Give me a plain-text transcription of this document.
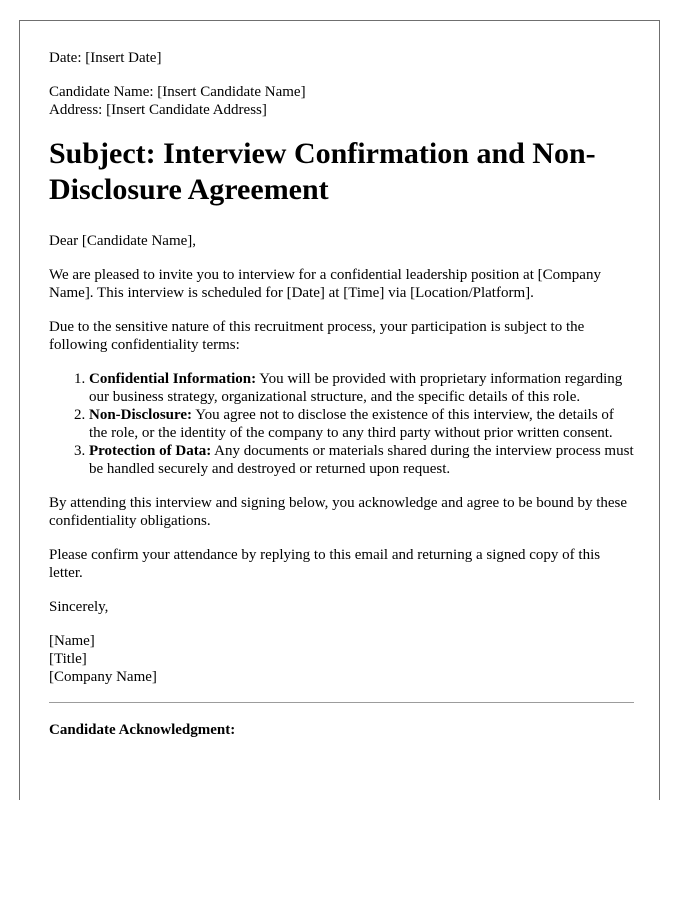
Date: [Insert Date]

Candidate Name: [Insert Candidate Name]

Address: [Insert Candidate Address]

Subject: Interview Confirmation and Non-Disclosure Agreement

Dear [Candidate Name],

We are pleased to invite you to interview for a confidential leadership position at [Company Name]. This interview is scheduled for [Date] at [Time] via [Location/Platform].

Due to the sensitive nature of this recruitment process, your participation is subject to the following confidentiality terms:

1. Confidential Information: You will be provided with proprietary information regarding our business strategy, organizational structure, and the specific details of this role.
2. Non-Disclosure: You agree not to disclose the existence of this interview, the details of the role, or the identity of the company to any third party without prior written consent.
3. Protection of Data: Any documents or materials shared during the interview process must be handled securely and destroyed or returned upon request.

By attending this interview and signing below, you acknowledge and agree to be bound by these confidentiality obligations.

Please confirm your attendance by replying to this email and returning a signed copy of this letter.

Sincerely,

[Name]

[Title]

[Company Name]

Candidate Acknowledgment:
